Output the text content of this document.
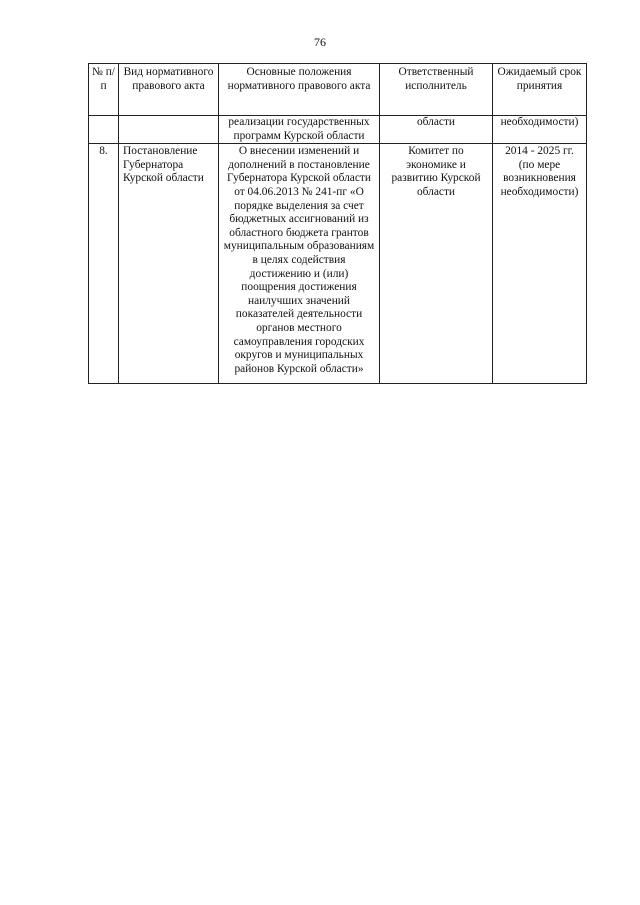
76
№ п/п	Вид нормативного правового акта	Основные положения нормативного правового акта	Ответственный исполнитель	Ожидаемый срок принятия
		реализации государственных программ Курской области	области	необходимости)
8.	Постановление Губернатора Курской области	О внесении изменений и дополнений в постановление Губернатора Курской области от 04.06.2013 № 241-пг «О порядке выделения за счет бюджетных ассигнований из областного бюджета грантов муниципальным образованиям в целях содействия достижению и (или) поощрения достижения наилучших значений показателей деятельности органов местного самоуправления городских округов и муниципальных районов Курской области»	Комитет по экономике и развитию Курской области	2014 - 2025 гг. (по мере возникновения необходимости)
